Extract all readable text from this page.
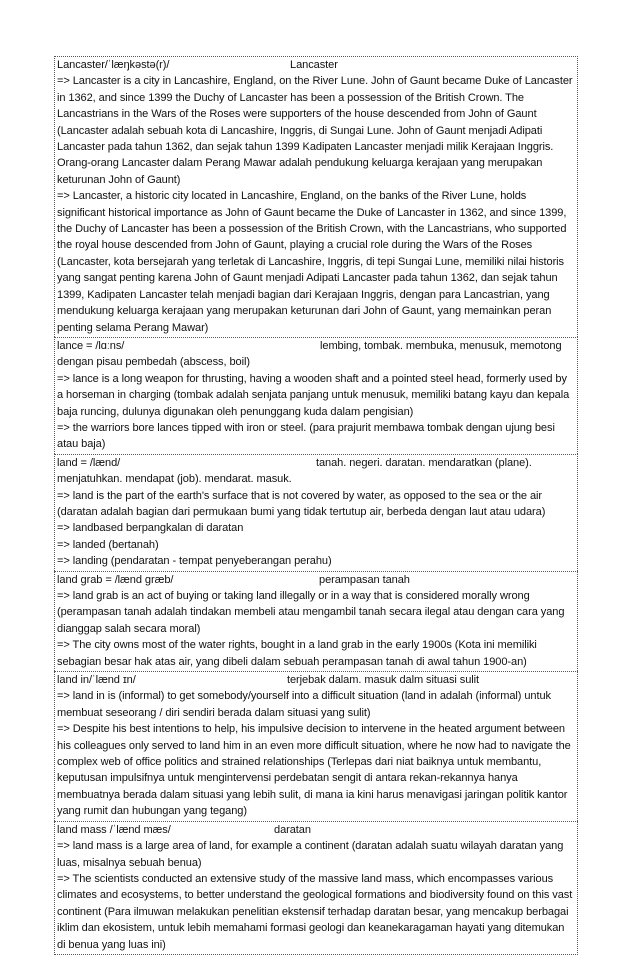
Lancaster/ˈlæŋkəstə(r)/	Lancaster
=> Lancaster is a city in Lancashire, England, on the River Lune. John of Gaunt became Duke of Lancaster in 1362, and since 1399 the Duchy of Lancaster has been a possession of the British Crown. The Lancastrians in the Wars of the Roses were supporters of the house descended from John of Gaunt (Lancaster adalah sebuah kota di Lancashire, Inggris, di Sungai Lune. John of Gaunt menjadi Adipati Lancaster pada tahun 1362, dan sejak tahun 1399 Kadipaten Lancaster menjadi milik Kerajaan Inggris. Orang-orang Lancaster dalam Perang Mawar adalah pendukung keluarga kerajaan yang merupakan keturunan John of Gaunt)
=> Lancaster, a historic city located in Lancashire, England, on the banks of the River Lune, holds significant historical importance as John of Gaunt became the Duke of Lancaster in 1362, and since 1399, the Duchy of Lancaster has been a possession of the British Crown, with the Lancastrians, who supported the royal house descended from John of Gaunt, playing a crucial role during the Wars of the Roses (Lancaster, kota bersejarah yang terletak di Lancashire, Inggris, di tepi Sungai Lune, memiliki nilai historis yang sangat penting karena John of Gaunt menjadi Adipati Lancaster pada tahun 1362, dan sejak tahun 1399, Kadipaten Lancaster telah menjadi bagian dari Kerajaan Inggris, dengan para Lancastrian, yang mendukung keluarga kerajaan yang merupakan keturunan dari John of Gaunt, yang memainkan peran penting selama Perang Mawar)
lance = /lɑːns/	lembing, tombak. membuka, menusuk, memotong dengan pisau pembedah (abscess, boil)
=> lance is a long weapon for thrusting, having a wooden shaft and a pointed steel head, formerly used by a horseman in charging (tombak adalah senjata panjang untuk menusuk, memiliki batang kayu dan kepala baja runcing, dulunya digunakan oleh penunggang kuda dalam pengisian)
=> the warriors bore lances tipped with iron or steel. (para prajurit membawa tombak dengan ujung besi atau baja)
land = /lænd/	tanah. negeri. daratan. mendaratkan (plane). menjatuhkan. mendapat (job). mendarat. masuk.
=> land is the part of the earth's surface that is not covered by water, as opposed to the sea or the air (daratan adalah bagian dari permukaan bumi yang tidak tertutup air, berbeda dengan laut atau udara)
=> landbased berpangkalan di daratan
=> landed (bertanah)
=> landing (pendaratan - tempat penyeberangan perahu)
land grab = /lænd græb/	perampasan tanah
=> land grab is an act of buying or taking land illegally or in a way that is considered morally wrong (perampasan tanah adalah tindakan membeli atau mengambil tanah secara ilegal atau dengan cara yang dianggap salah secara moral)
=> The city owns most of the water rights, bought in a land grab in the early 1900s (Kota ini memiliki sebagian besar hak atas air, yang dibeli dalam sebuah perampasan tanah di awal tahun 1900-an)
land in/ˈlænd ɪn/	terjebak dalam. masuk dalm situasi sulit
=> land in is (informal) to get somebody/yourself into a difficult situation (land in adalah (informal) untuk membuat seseorang / diri sendiri berada dalam situasi yang sulit)
=> Despite his best intentions to help, his impulsive decision to intervene in the heated argument between his colleagues only served to land him in an even more difficult situation, where he now had to navigate the complex web of office politics and strained relationships (Terlepas dari niat baiknya untuk membantu, keputusan impulsifnya untuk mengintervensi perdebatan sengit di antara rekan-rekannya hanya membuatnya berada dalam situasi yang lebih sulit, di mana ia kini harus menavigasi jaringan politik kantor yang rumit dan hubungan yang tegang)
land mass /ˈlænd mæs/	daratan
=> land mass is a large area of land, for example a continent (daratan adalah suatu wilayah daratan yang luas, misalnya sebuah benua)
=> The scientists conducted an extensive study of the massive land mass, which encompasses various climates and ecosystems, to better understand the geological formations and biodiversity found on this vast continent (Para ilmuwan melakukan penelitian ekstensif terhadap daratan besar, yang mencakup berbagai iklim dan ekosistem, untuk lebih memahami formasi geologi dan keanekaragaman hayati yang ditemukan di benua yang luas ini)
